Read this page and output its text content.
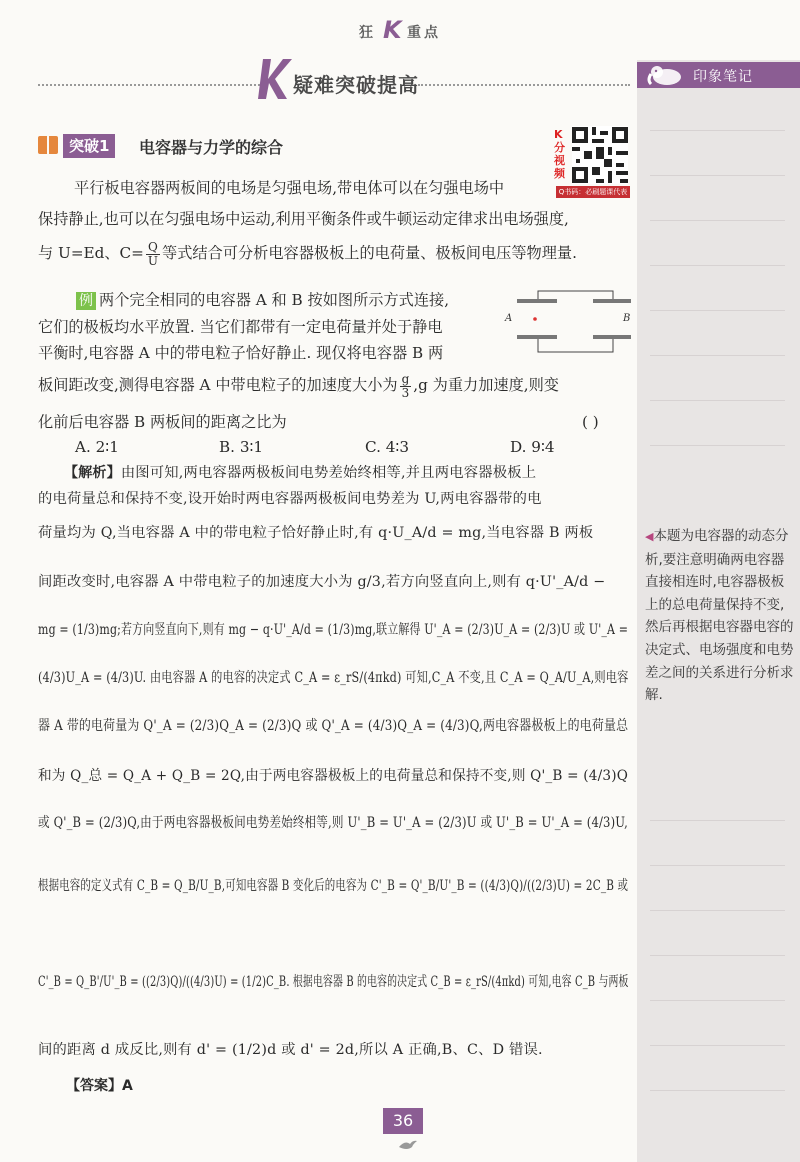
印象笔记
◀本题为电容器的动态分析,要注意明确两电容器直接相连时,电容器极板上的总电荷量保持不变,然后再根据电容器电容的决定式、电场强度和电势差之间的关系进行分析求解.
狂 K 重点
疑难突破提高
突破1	电容器与力学的综合
K分视频
Q书码：必刷题课代表
平行板电容器两板间的电场是匀强电场,带电体可以在匀强电场中
保持静止,也可以在匀强电场中运动,利用平衡条件或牛顿运动定律求出电场强度,
与 U=Ed、$C= \frac{Q}{U}$ 等式结合可分析电容器极板上的电荷量、极板间电压等物理量.
例 两个完全相同的电容器 A 和 B 按如图所示方式连接,
它们的极板均水平放置. 当它们都带有一定电荷量并处于静电
平衡时,电容器 A 中的带电粒子恰好静止. 现仅将电容器 B 两
板间距改变,测得电容器 A 中带电粒子的加速度大小为 $\frac{g}{3} ,g$ 为重力加速度,则变
化前后电容器 B 两板间的距离之比为	( )
A	B
A. 2∶1	B. 3∶1	C. 4∶3	D. 9∶4
【解析】由图可知,两电容器两极板间电势差始终相等,并且两电容器极板上
的电荷量总和保持不变,设开始时两电容器两极板间电势差为 U,两电容器带的电
荷量均为 Q,当电容器 A 中的带电粒子恰好静止时,有 q·U_A/d = mg,当电容器 B 两板
间距改变时,电容器 A 中带电粒子的加速度大小为 g/3,若方向竖直向上,则有 q·U'_A/d −
mg = (1/3)mg;若方向竖直向下,则有 mg − q·U'_A/d = (1/3)mg,联立解得 U'_A = (2/3)U_A = (2/3)U 或 U'_A =
(4/3)U_A = (4/3)U. 由电容器 A 的电容的决定式 C_A = ε_rS/(4πkd) 可知,C_A 不变,且 C_A = Q_A/U_A,则电容
器 A 带的电荷量为 Q'_A = (2/3)Q_A = (2/3)Q 或 Q'_A = (4/3)Q_A = (4/3)Q,两电容器极板上的电荷量总
和为 Q_总 = Q_A + Q_B = 2Q,由于两电容器极板上的电荷量总和保持不变,则 Q'_B = (4/3)Q
或 Q'_B = (2/3)Q,由于两电容器极板间电势差始终相等,则 U'_B = U'_A = (2/3)U 或 U'_B = U'_A = (4/3)U,
根据电容的定义式有 C_B = Q_B/U_B,可知电容器 B 变化后的电容为 C'_B = Q'_B/U'_B = ((4/3)Q)/((2/3)U) = 2C_B 或
C'_B = Q_B'/U'_B = ((2/3)Q)/((4/3)U) = (1/2)C_B. 根据电容器 B 的电容的决定式 C_B = ε_rS/(4πkd) 可知,电容 C_B 与两板
间的距离 d 成反比,则有 d' = (1/2)d 或 d' = 2d,所以 A 正确,B、C、D 错误.
【答案】A
36
